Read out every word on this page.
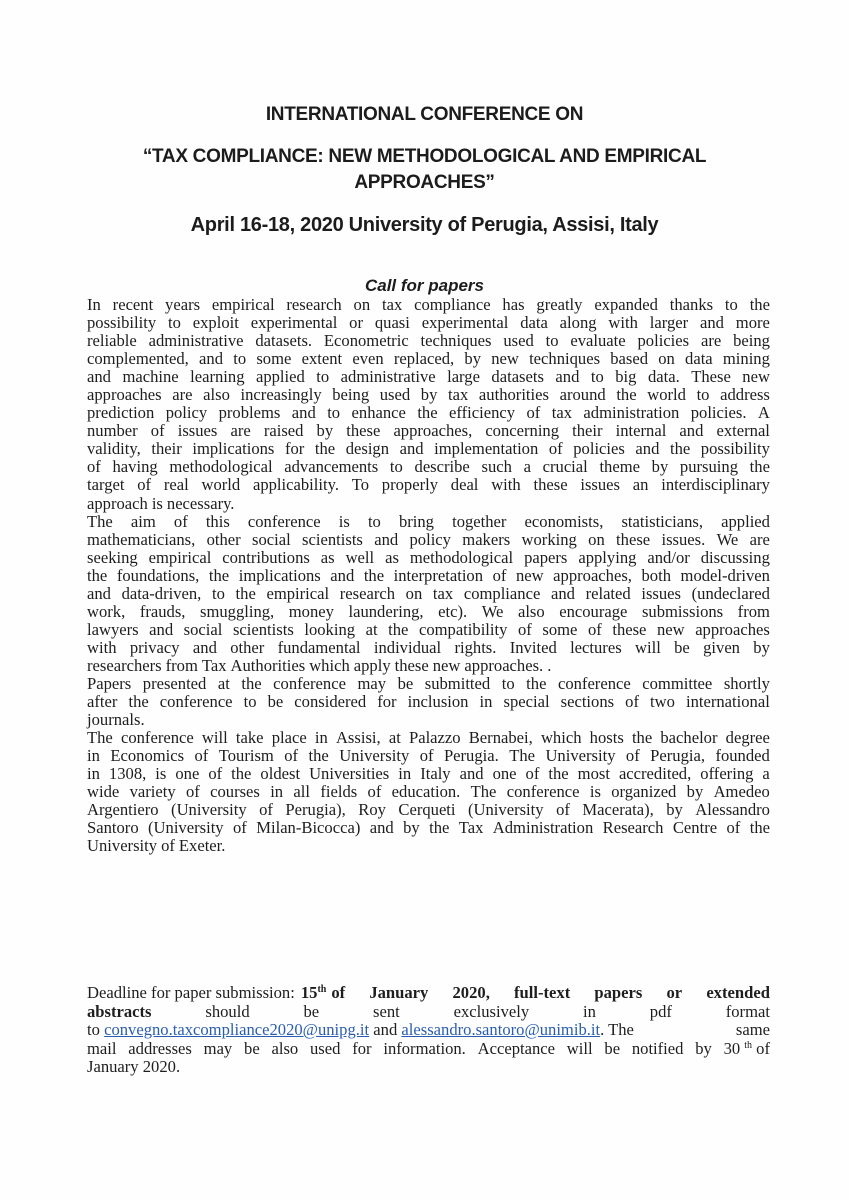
INTERNATIONAL CONFERENCE ON
“TAX COMPLIANCE: NEW METHODOLOGICAL AND EMPIRICAL
APPROACHES”
April 16-18, 2020 University of Perugia, Assisi, Italy
Call for papers
In recent years empirical research on tax compliance has greatly expanded thanks to the
possibility to exploit experimental or quasi experimental data along with larger and more
reliable administrative datasets. Econometric techniques used to evaluate policies are being
complemented, and to some extent even replaced, by new techniques based on data mining
and machine learning applied to administrative large datasets and to big data. These new
approaches are also increasingly being used by tax authorities around the world to address
prediction policy problems and to enhance the efficiency of tax administration policies. A
number of issues are raised by these approaches, concerning their internal and external
validity, their implications for the design and implementation of policies and the possibility
of having methodological advancements to describe such a crucial theme by pursuing the
target of real world applicability. To properly deal with these issues an interdisciplinary
approach is necessary.
The aim of this conference is to bring together economists, statisticians, applied
mathematicians, other social scientists and policy makers working on these issues. We are
seeking empirical contributions as well as methodological papers applying and/or discussing
the foundations, the implications and the interpretation of new approaches, both model-driven
and data-driven, to the empirical research on tax compliance and related issues (undeclared
work, frauds, smuggling, money laundering, etc). We also encourage submissions from
lawyers and social scientists looking at the compatibility of some of these new approaches
with privacy and other fundamental individual rights. Invited lectures will be given by
researchers from Tax Authorities which apply these new approaches. .
Papers presented at the conference may be submitted to the conference committee shortly
after the conference to be considered for inclusion in special sections of two international
journals.
The conference will take place in Assisi, at Palazzo Bernabei, which hosts the bachelor degree
in Economics of Tourism of the University of Perugia. The University of Perugia, founded
in 1308, is one of the oldest Universities in Italy and one of the most accredited, offering a
wide variety of courses in all fields of education. The conference is organized by Amedeo
Argentiero (University of Perugia), Roy Cerqueti (University of Macerata), by Alessandro
Santoro (University of Milan-Bicocca) and by the Tax Administration Research Centre of the
University of Exeter.
Deadline for paper submission: 15th of January 2020, full-text papers or extended
abstracts	should	be	sent	exclusively	in	pdf	format
to convegno.taxcompliance2020@unipg.it and alessandro.santoro@unimib.it. The	same
mail addresses may be also used for information. Acceptance will be notified by 30 $^{th}$ of
January 2020.
